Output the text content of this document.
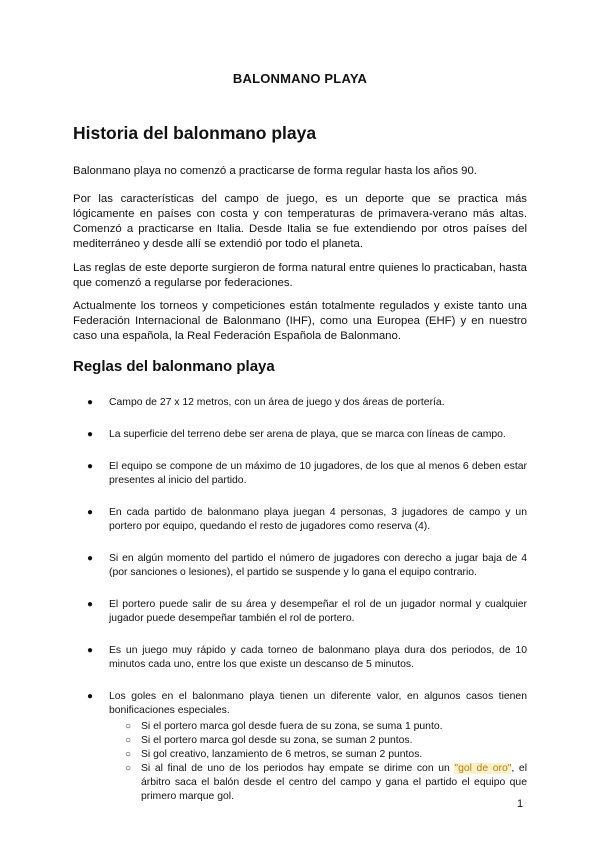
BALONMANO PLAYA
Historia del balonmano playa
Balonmano playa no comenzó a practicarse de forma regular hasta los años 90.
Por las características del campo de juego, es un deporte que se practica más lógicamente en países con costa y con temperaturas de primavera-verano más altas. Comenzó a practicarse en Italia. Desde Italia se fue extendiendo por otros países del mediterráneo y desde allí se extendió por todo el planeta.
Las reglas de este deporte surgieron de forma natural entre quienes lo practicaban, hasta que comenzó a regularse por federaciones.
Actualmente los torneos y competiciones están totalmente regulados y existe tanto una Federación Internacional de Balonmano (IHF), como una Europea (EHF) y en nuestro caso una española, la Real Federación Española de Balonmano.
Reglas del balonmano playa
● Campo de 27 x 12 metros, con un área de juego y dos áreas de portería.
● La superficie del terreno debe ser arena de playa, que se marca con líneas de campo.
● El equipo se compone de un máximo de 10 jugadores, de los que al menos 6 deben estar presentes al inicio del partido.
● En cada partido de balonmano playa juegan 4 personas, 3 jugadores de campo y un portero por equipo, quedando el resto de jugadores como reserva (4).
● Si en algún momento del partido el número de jugadores con derecho a jugar baja de 4 (por sanciones o lesiones), el partido se suspende y lo gana el equipo contrario.
● El portero puede salir de su área y desempeñar el rol de un jugador normal y cualquier jugador puede desempeñar también el rol de portero.
● Es un juego muy rápido y cada torneo de balonmano playa dura dos periodos, de 10 minutos cada uno, entre los que existe un descanso de 5 minutos.
● Los goles en el balonmano playa tienen un diferente valor, en algunos casos tienen bonificaciones especiales.
○ Si el portero marca gol desde fuera de su zona, se suma 1 punto.
○ Si el portero marca gol desde su zona, se suman 2 puntos.
○ Si gol creativo, lanzamiento de 6 metros, se suman 2 puntos.
○ Si al final de uno de los periodos hay empate se dirime con un "gol de oro", el árbitro saca el balón desde el centro del campo y gana el partido el equipo que primero marque gol.
1
